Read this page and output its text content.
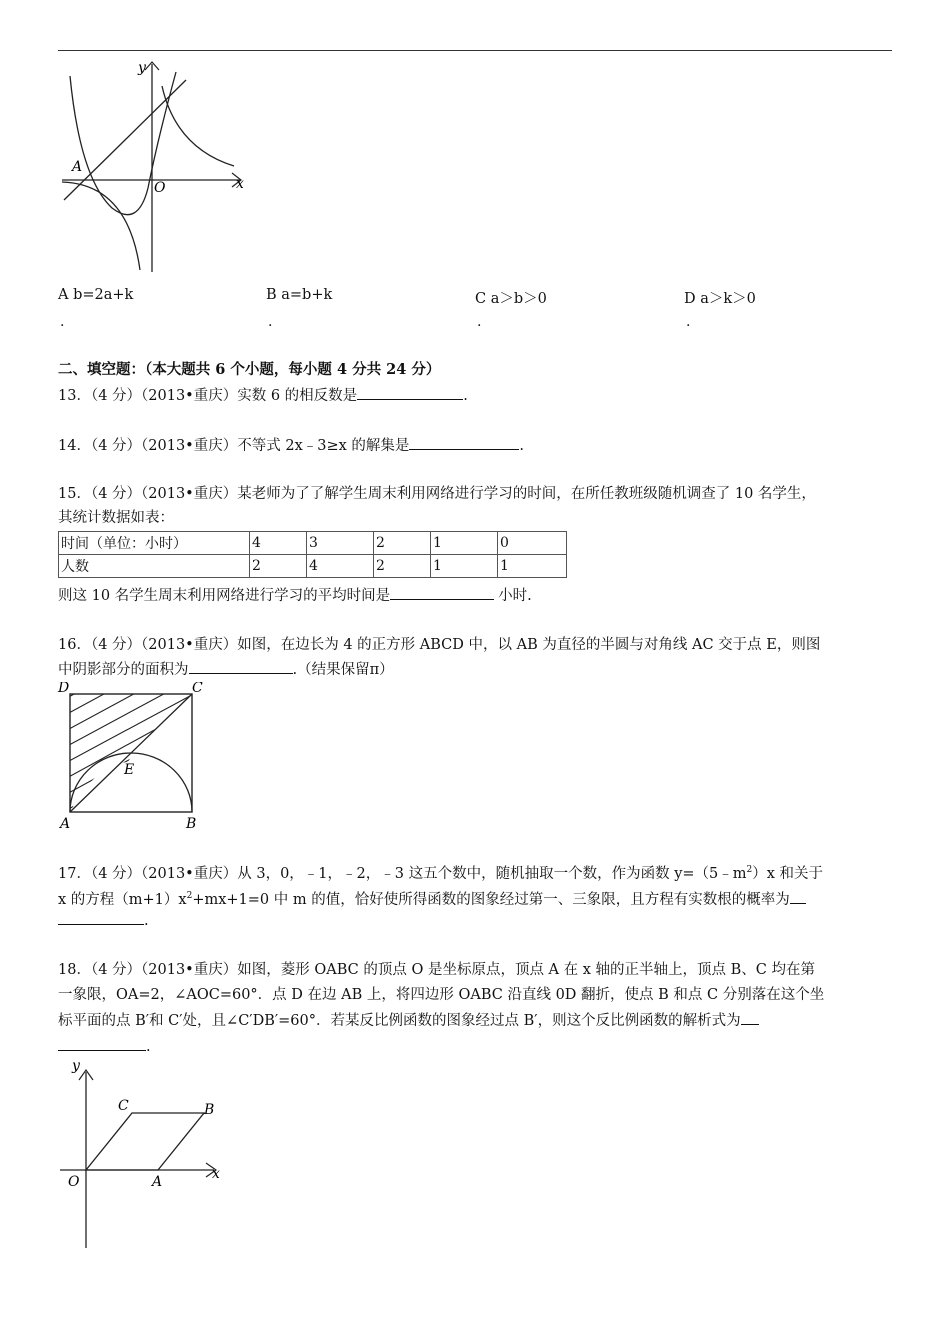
y
x
O
A
A b=2a+k	B a=b+k	C a＞b＞0	D a＞k＞0
.	.	.	.
二、填空题：（本大题共 6 个小题，每小题 4 分共 24 分）
13．（4 分）（2013•重庆）实数 6 的相反数是	.
14．（4 分）（2013•重庆）不等式 2x﹣3≥x 的解集是	.
15．（4 分）（2013•重庆）某老师为了了解学生周末利用网络进行学习的时间，在所任教班级随机调查了 10 名学生，
其统计数据如表：
时间（单位：小时）	4	3	2	1	0
人数	2	4	2	1	1
则这 10 名学生周末利用网络进行学习的平均时间是	小时.
16．（4 分）（2013•重庆）如图，在边长为 4 的正方形 ABCD 中，以 AB 为直径的半圆与对角线 AC 交于点 E，则图
中阴影部分的面积为	.（结果保留π）
D	C
A	B
E
17．（4 分）（2013•重庆）从 3，0，﹣1，﹣2，﹣3 这五个数中，随机抽取一个数，作为函数 $y=(5﹣m^2)x$ 和关于
x 的方程$(m+1)x^2+mx+1=0$ 中 m 的值，恰好使所得函数的图象经过第一、三象限，且方程有实数根的概率为
.
18．（4 分）（2013•重庆）如图，菱形 OABC 的顶点 O 是坐标原点，顶点 A 在 x 轴的正半轴上，顶点 B、C 均在第
一象限，OA=2，∠AOC=60°．点 D 在边 AB 上，将四边形 OABC 沿直线 0D 翻折，使点 B 和点 C 分别落在这个坐
标平面的点 B′和 C′处，且∠C′DB′=60°．若某反比例函数的图象经过点 B′，则这个反比例函数的解析式为
.
y
x
O	A
B
C
